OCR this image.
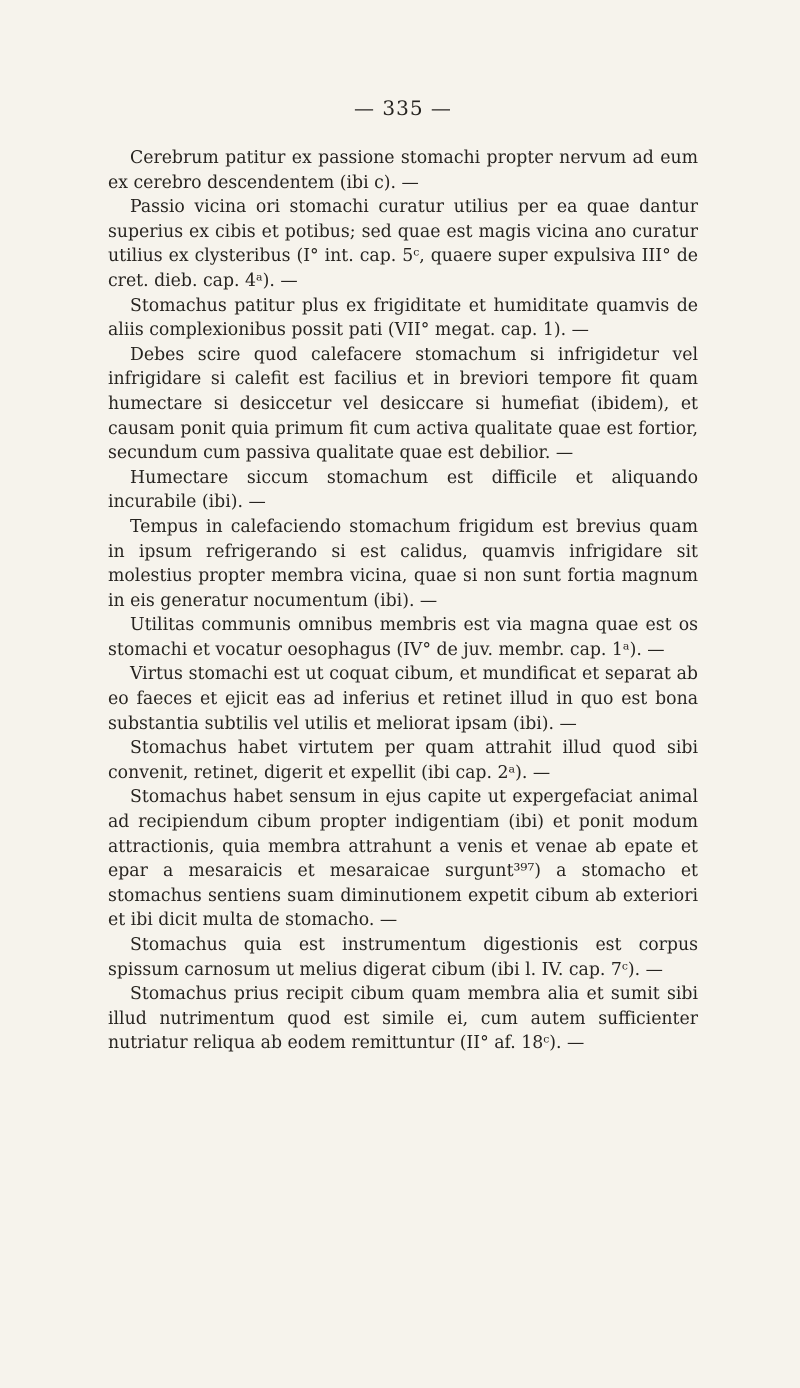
— 335 —

Cerebrum patitur ex passione stomachi propter nervum ad eum ex cerebro descendentem (ibi c). —

Passio vicina ori stomachi curatur utilius per ea quae dantur superius ex cibis et potibus; sed quae est magis vicina ano curatur utilius ex clysteribus (I° int. cap. 5ᶜ, quaere super expulsiva III° de cret. dieb. cap. 4ᵃ). —

Stomachus patitur plus ex frigiditate et humiditate quamvis de aliis complexionibus possit pati (VII° megat. cap. 1). —

Debes scire quod calefacere stomachum si infrigidetur vel infrigidare si calefit est facilius et in breviori tempore fit quam humectare si desiccetur vel desiccare si humefiat (ibidem), et causam ponit quia primum fit cum activa qualitate quae est fortior, secundum cum passiva qualitate quae est debilior. —

Humectare siccum stomachum est difficile et aliquando incurabile (ibi). —

Tempus in calefaciendo stomachum frigidum est brevius quam in ipsum refrigerando si est calidus, quamvis infrigidare sit molestius propter membra vicina, quae si non sunt fortia magnum in eis generatur nocumentum (ibi). —

Utilitas communis omnibus membris est via magna quae est os stomachi et vocatur oesophagus (IV° de juv. membr. cap. 1ᵃ). —

Virtus stomachi est ut coquat cibum, et mundificat et separat ab eo faeces et ejicit eas ad inferius et retinet illud in quo est bona substantia subtilis vel utilis et meliorat ipsam (ibi). —

Stomachus habet virtutem per quam attrahit illud quod sibi convenit, retinet, digerit et expellit (ibi cap. 2ᵃ). —

Stomachus habet sensum in ejus capite ut expergefaciat animal ad recipiendum cibum propter indigentiam (ibi) et ponit modum attractionis, quia membra attrahunt a venis et venae ab epate et epar a mesaraicis et mesaraicae surgunt³⁹⁷) a stomacho et stomachus sentiens suam diminutionem expetit cibum ab exteriori et ibi dicit multa de stomacho. —

Stomachus quia est instrumentum digestionis est corpus spissum carnosum ut melius digerat cibum (ibi l. IV. cap. 7ᶜ). —

Stomachus prius recipit cibum quam membra alia et sumit sibi illud nutrimentum quod est simile ei, cum autem sufficienter nutriatur reliqua ab eodem remittuntur (II° af. 18ᶜ). —
